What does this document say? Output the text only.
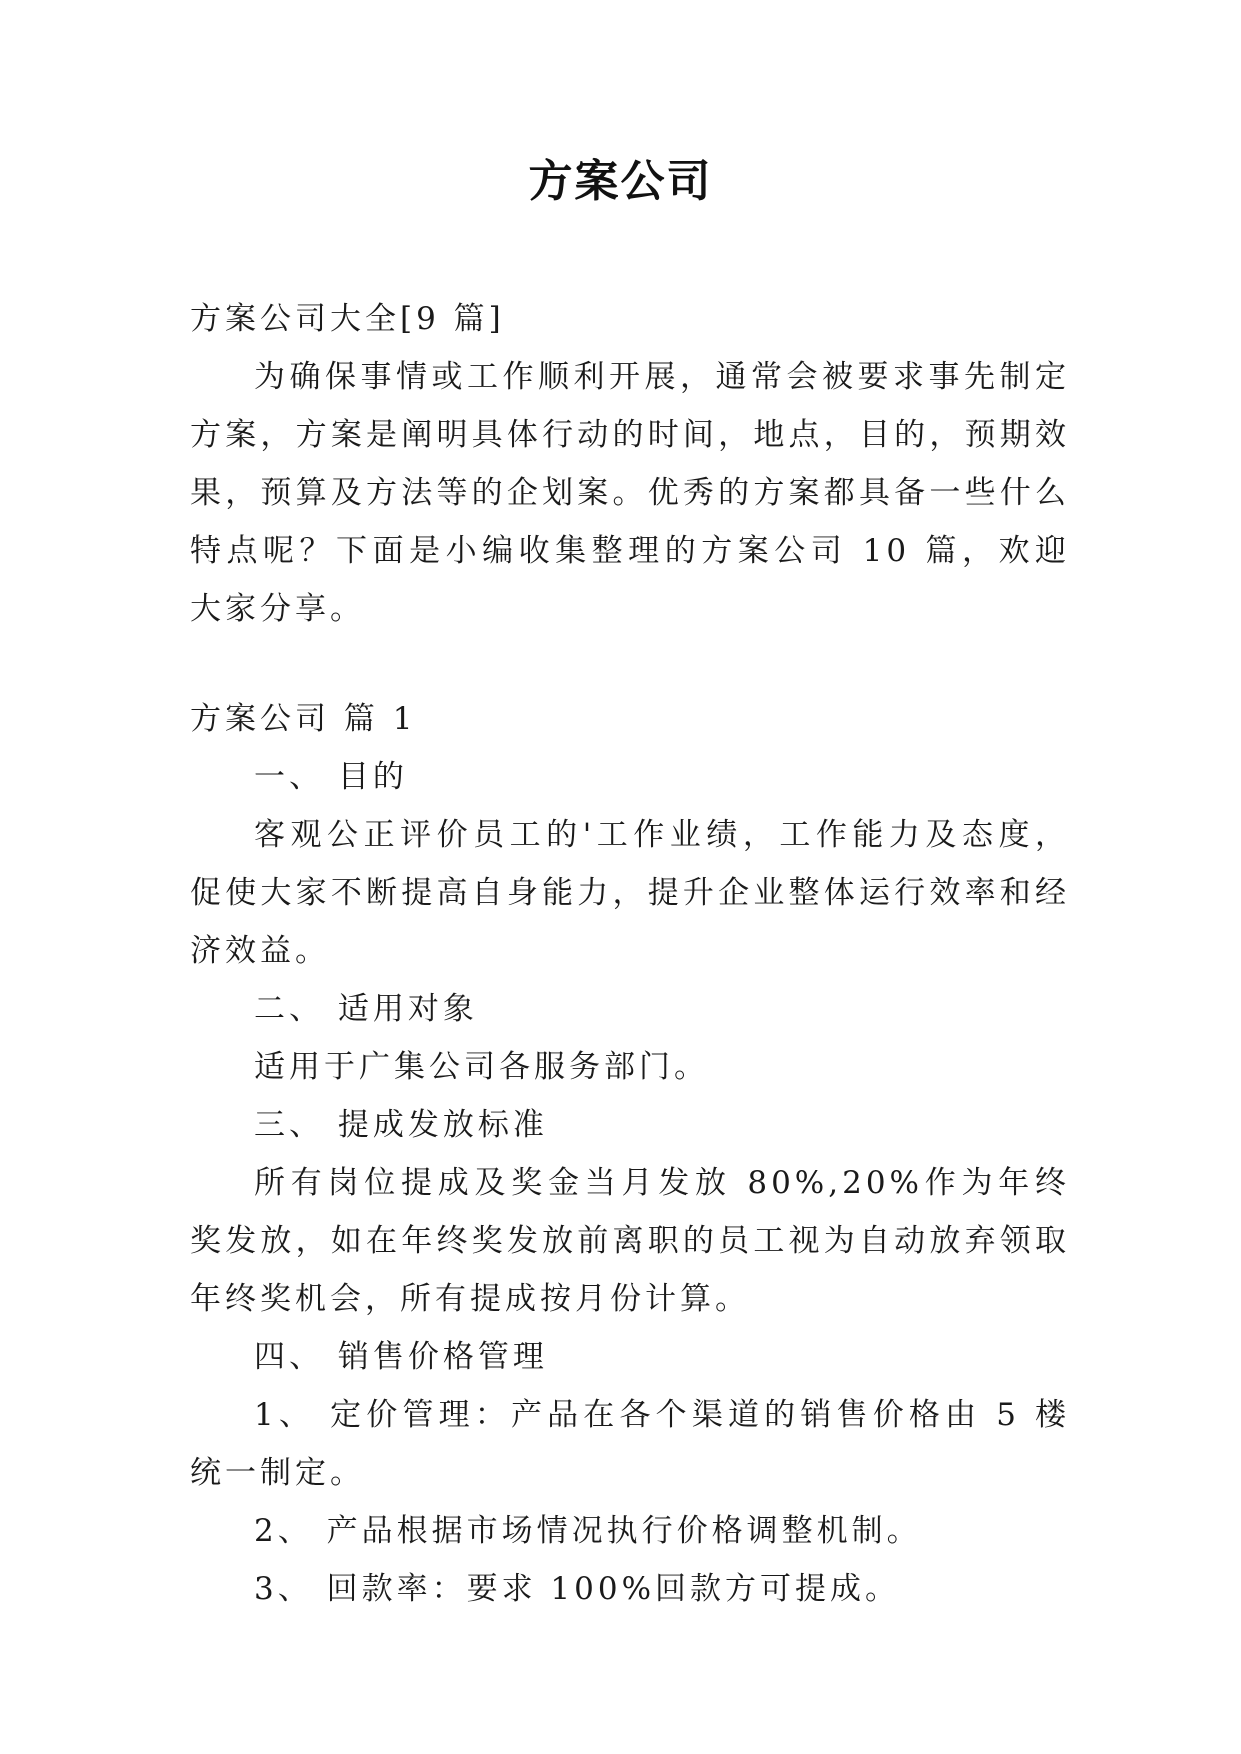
方案公司

方案公司大全[9 篇]

为确保事情或工作顺利开展，通常会被要求事先制定方案，方案是阐明具体行动的时间，地点，目的，预期效果，预算及方法等的企划案。优秀的方案都具备一些什么特点呢？下面是小编收集整理的方案公司 10 篇，欢迎大家分享。

方案公司 篇 1

一、 目的

客观公正评价员工的'工作业绩，工作能力及态度，促使大家不断提高自身能力，提升企业整体运行效率和经济效益。

二、 适用对象

适用于广集公司各服务部门。

三、 提成发放标准

所有岗位提成及奖金当月发放 80%,20%作为年终奖发放，如在年终奖发放前离职的员工视为自动放弃领取年终奖机会，所有提成按月份计算。

四、 销售价格管理

1、 定价管理：产品在各个渠道的销售价格由 5 楼统一制定。

2、 产品根据市场情况执行价格调整机制。

3、 回款率：要求 100%回款方可提成。
